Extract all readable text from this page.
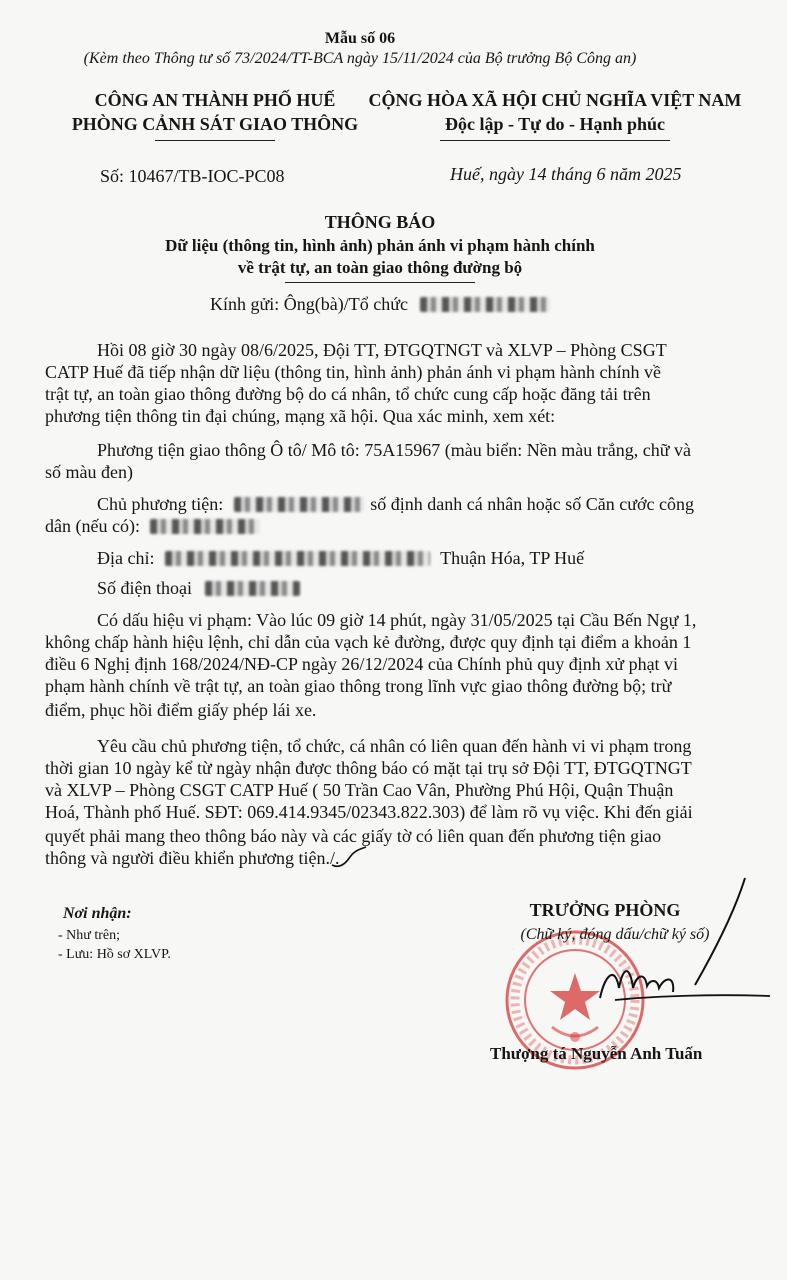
Mẫu số 06
(Kèm theo Thông tư số 73/2024/TT-BCA ngày 15/11/2024 của Bộ trưởng Bộ Công an)
CÔNG AN THÀNH PHỐ HUẾ
PHÒNG CẢNH SÁT GIAO THÔNG
CỘNG HÒA XÃ HỘI CHỦ NGHĨA VIỆT NAM
Độc lập - Tự do - Hạnh phúc
Số: 10467/TB-IOC-PC08	Huế, ngày 14 tháng 6 năm 2025
THÔNG BÁO
Dữ liệu (thông tin, hình ảnh) phản ánh vi phạm hành chính
về trật tự, an toàn giao thông đường bộ
Kính gửi: Ông(bà)/Tổ chức
Hồi 08 giờ 30 ngày 08/6/2025, Đội TT, ĐTGQTNGT và XLVP – Phòng CSGT
CATP Huế đã tiếp nhận dữ liệu (thông tin, hình ảnh) phản ánh vi phạm hành chính về
trật tự, an toàn giao thông đường bộ do cá nhân, tổ chức cung cấp hoặc đăng tải trên
phương tiện thông tin đại chúng, mạng xã hội. Qua xác minh, xem xét:
Phương tiện giao thông Ô tô/ Mô tô: 75A15967 (màu biển: Nền màu trắng, chữ và
số màu đen)
Chủ phương tiện:	số định danh cá nhân hoặc số Căn cước công
dân (nếu có):
Địa chỉ:	Thuận Hóa, TP Huế
Số điện thoại
Có dấu hiệu vi phạm: Vào lúc 09 giờ 14 phút, ngày 31/05/2025 tại Cầu Bến Ngự 1,
không chấp hành hiệu lệnh, chỉ dẫn của vạch kẻ đường, được quy định tại điểm a khoản 1
điều 6 Nghị định 168/2024/NĐ-CP ngày 26/12/2024 của Chính phủ quy định xử phạt vi
phạm hành chính về trật tự, an toàn giao thông trong lĩnh vực giao thông đường bộ; trừ
điểm, phục hồi điểm giấy phép lái xe.
Yêu cầu chủ phương tiện, tổ chức, cá nhân có liên quan đến hành vi vi phạm trong
thời gian 10 ngày kể từ ngày nhận được thông báo có mặt tại trụ sở Đội TT, ĐTGQTNGT
và XLVP – Phòng CSGT CATP Huế ( 50 Trần Cao Vân, Phường Phú Hội, Quận Thuận
Hoá, Thành phố Huế. SĐT: 069.414.9345/02343.822.303) để làm rõ vụ việc. Khi đến giải
quyết phải mang theo thông báo này và các giấy tờ có liên quan đến phương tiện giao
thông và người điều khiển phương tiện./.
Nơi nhận:
- Như trên;
- Lưu: Hồ sơ XLVP.
TRƯỞNG PHÒNG
(Chữ ký, đóng dấu/chữ ký số)
Thượng tá Nguyễn Anh Tuấn
